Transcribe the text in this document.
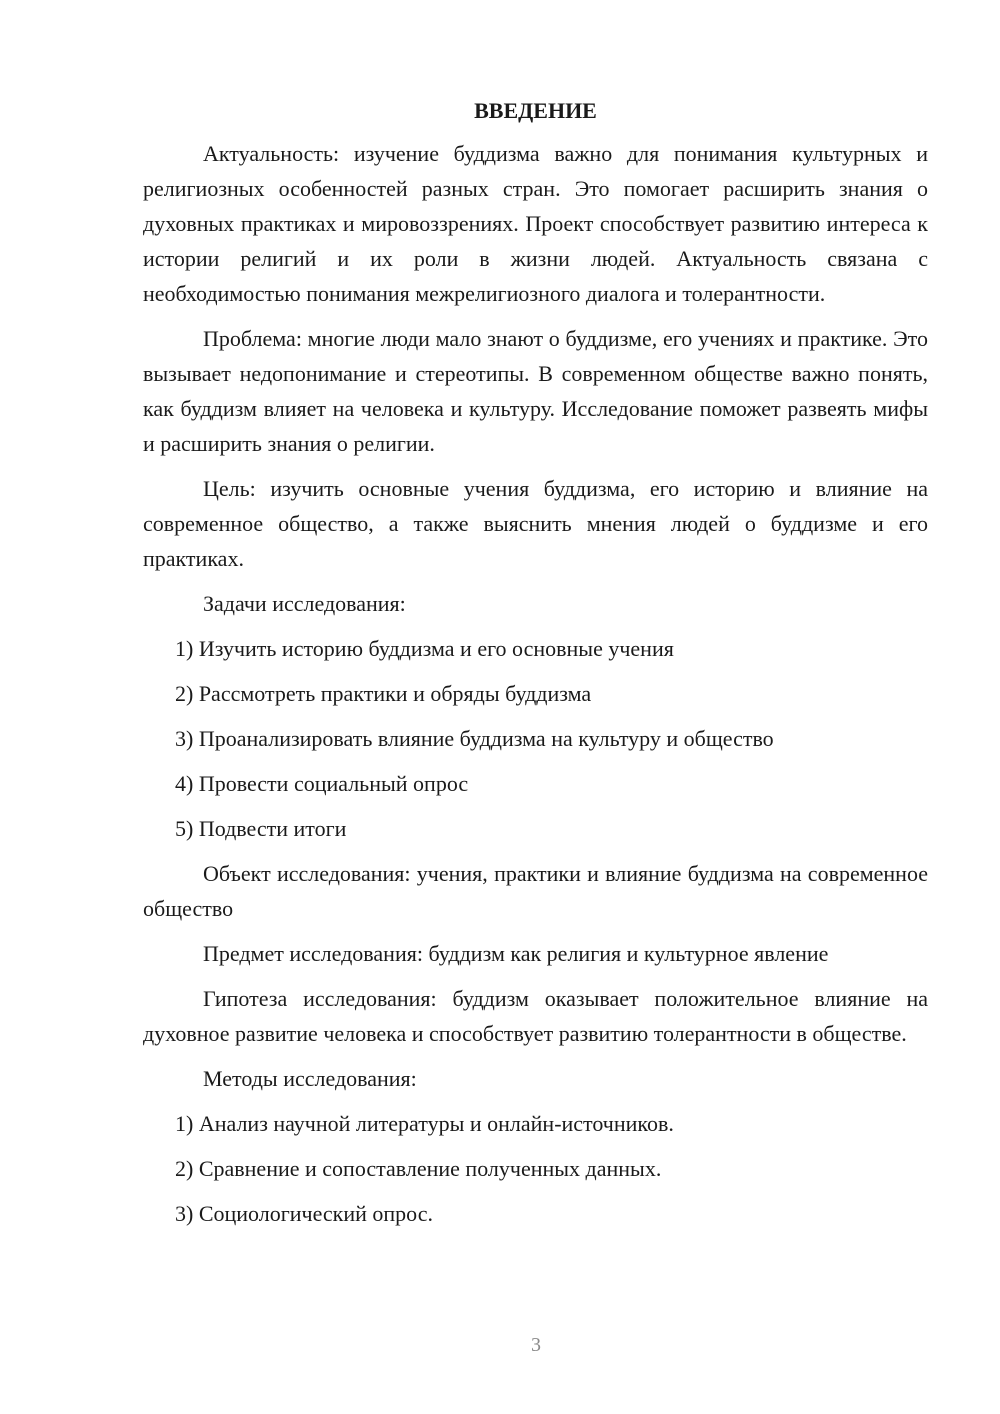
ВВЕДЕНИЕ

Актуальность: изучение буддизма важно для понимания культурных и религиозных особенностей разных стран. Это помогает расширить знания о духовных практиках и мировоззрениях. Проект способствует развитию интереса к истории религий и их роли в жизни людей. Актуальность связана с необходимостью понимания межрелигиозного диалога и толерантности.

Проблема: многие люди мало знают о буддизме, его учениях и практике. Это вызывает недопонимание и стереотипы. В современном обществе важно понять, как буддизм влияет на человека и культуру. Исследование поможет развеять мифы и расширить знания о религии.

Цель: изучить основные учения буддизма, его историю и влияние на современное общество, а также выяснить мнения людей о буддизме и его практиках.

Задачи исследования:
1) Изучить историю буддизма и его основные учения
2) Рассмотреть практики и обряды буддизма
3) Проанализировать влияние буддизма на культуру и общество
4) Провести социальный опрос
5) Подвести итоги

Объект исследования: учения, практики и влияние буддизма на современное общество

Предмет исследования: буддизм как религия и культурное явление

Гипотеза исследования: буддизм оказывает положительное влияние на духовное развитие человека и способствует развитию толерантности в обществе.

Методы исследования:
1) Анализ научной литературы и онлайн-источников.
2) Сравнение и сопоставление полученных данных.
3) Социологический опрос.
3
